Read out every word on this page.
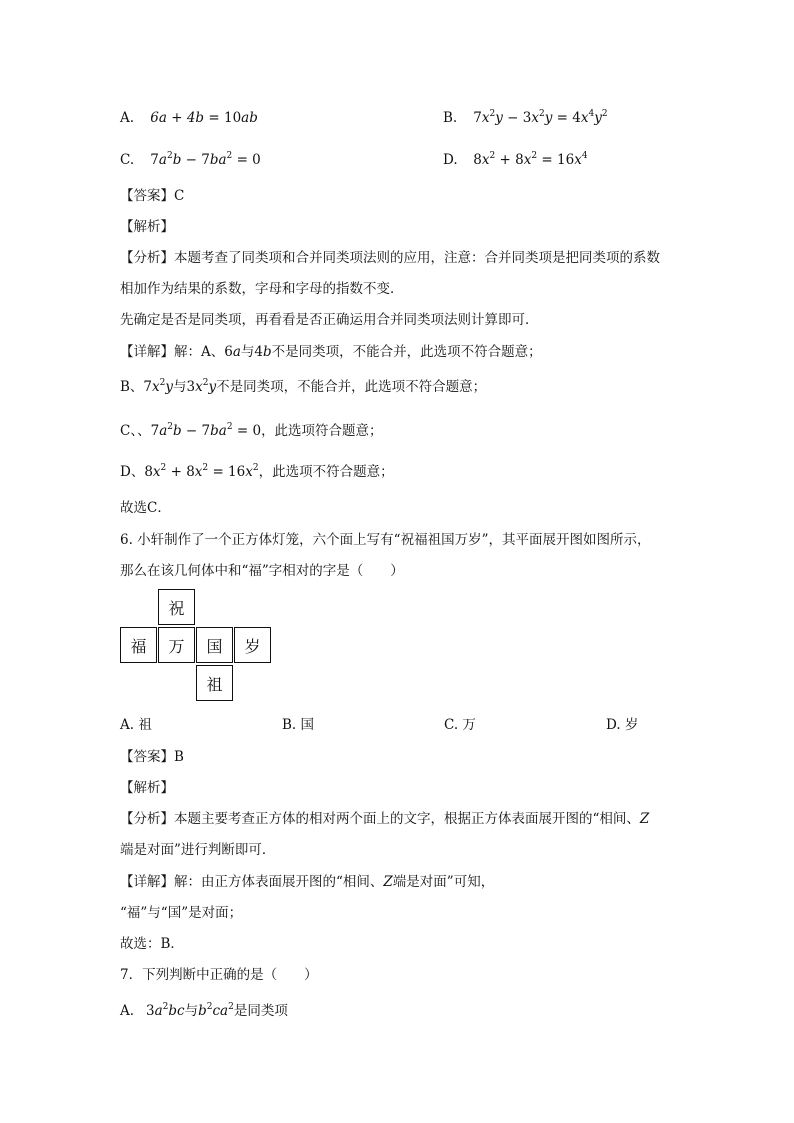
A. 6a + 4b = 10ab	B. $7x^2y - 3x^2y = 4x^4y^2$
C. $7a^2b - 7ba^2 = 0$	D. $8x^2 + 8x^2 = 16x^4$
【答案】C
【解析】
【分析】本题考查了同类项和合并同类项法则的应用，注意：合并同类项是把同类项的系数
相加作为结果的系数，字母和字母的指数不变．
先确定是否是同类项，再看看是否正确运用合并同类项法则计算即可．
【详解】解：A、6a与4b不是同类项，不能合并，此选项不符合题意；
B、$7x^2y$与$3x^2y$不是同类项，不能合并，此选项不符合题意；
C、、$7a^2b - 7ba^2 = 0$，此选项符合题意；
D、$8x^2 + 8x^2 = 16x^2$，此选项不符合题意；
故选C．
6. 小轩制作了一个正方体灯笼，六个面上写有“祝福祖国万岁”，其平面展开图如图所示，
那么在该几何体中和“福”字相对的字是（　　）
祝
福	万	国	岁
祖
A. 祖	B. 国	C. 万	D. 岁
【答案】B
【解析】
【分析】本题主要考查正方体的相对两个面上的文字，根据正方体表面展开图的“相间、Z
端是对面”进行判断即可．
【详解】解：由正方体表面展开图的“相间、Z端是对面”可知，
“福”与“国”是对面；
故选：B．
7．下列判断中正确的是（　　）
A. $3a^2bc$与$b^2ca^2$是同类项
